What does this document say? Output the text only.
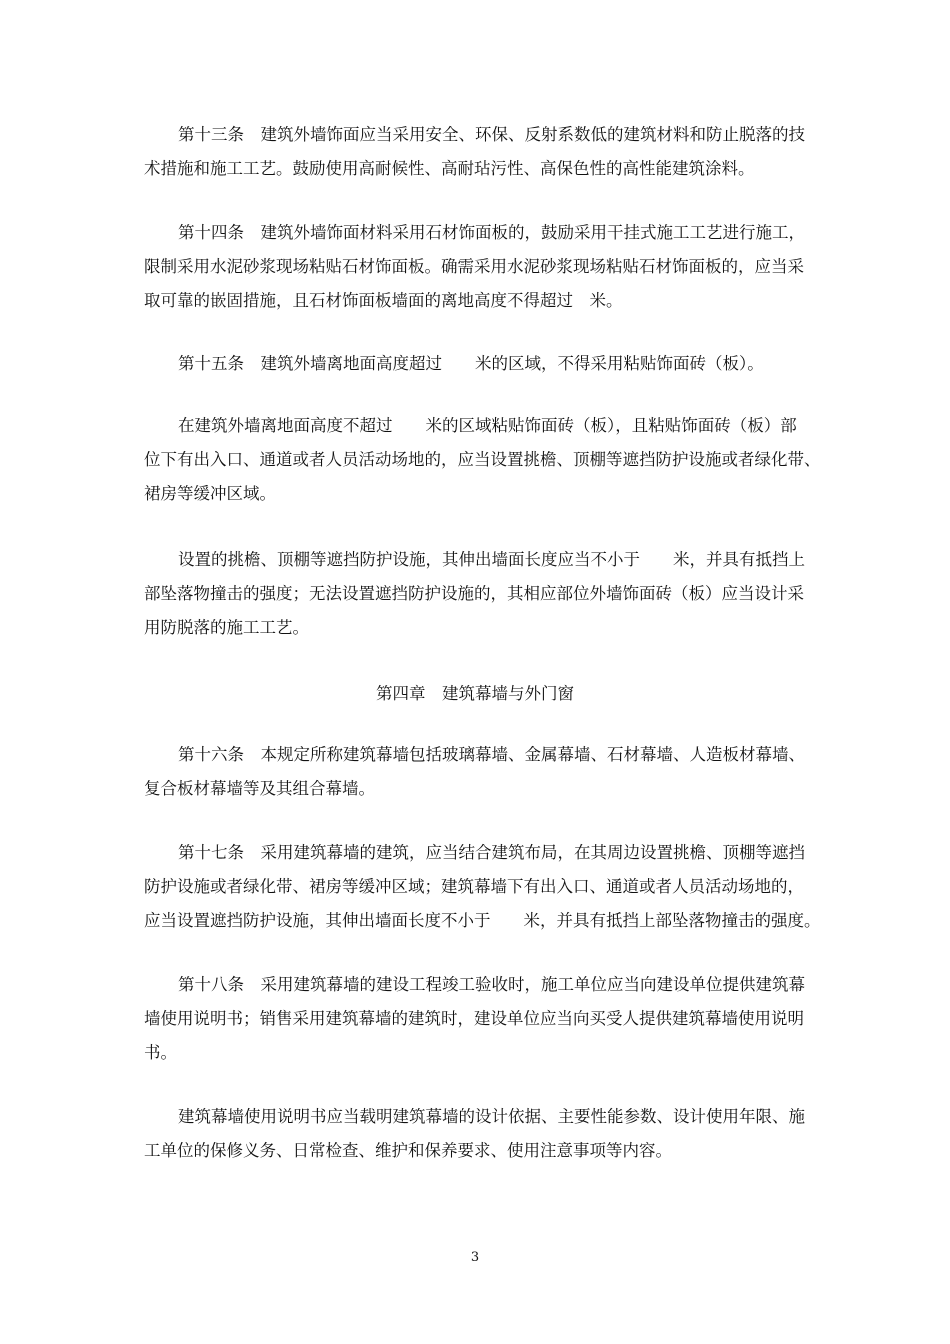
第十三条　建筑外墙饰面应当采用安全、环保、反射系数低的建筑材料和防止脱落的技
术措施和施工工艺。鼓励使用高耐候性、高耐玷污性、高保色性的高性能建筑涂料。

第十四条　建筑外墙饰面材料采用石材饰面板的，鼓励采用干挂式施工工艺进行施工，
限制采用水泥砂浆现场粘贴石材饰面板。确需采用水泥砂浆现场粘贴石材饰面板的，应当采
取可靠的嵌固措施，且石材饰面板墙面的离地高度不得超过　米。

第十五条　建筑外墙离地面高度超过　　米的区域，不得采用粘贴饰面砖（板）。

在建筑外墙离地面高度不超过　　米的区域粘贴饰面砖（板），且粘贴饰面砖（板）部
位下有出入口、通道或者人员活动场地的，应当设置挑檐、顶棚等遮挡防护设施或者绿化带、
裙房等缓冲区域。

设置的挑檐、顶棚等遮挡防护设施，其伸出墙面长度应当不小于　　米，并具有抵挡上
部坠落物撞击的强度；无法设置遮挡防护设施的，其相应部位外墙饰面砖（板）应当设计采
用防脱落的施工工艺。

第四章　建筑幕墙与外门窗

第十六条　本规定所称建筑幕墙包括玻璃幕墙、金属幕墙、石材幕墙、人造板材幕墙、
复合板材幕墙等及其组合幕墙。

第十七条　采用建筑幕墙的建筑，应当结合建筑布局，在其周边设置挑檐、顶棚等遮挡
防护设施或者绿化带、裙房等缓冲区域；建筑幕墙下有出入口、通道或者人员活动场地的，
应当设置遮挡防护设施，其伸出墙面长度不小于　　米，并具有抵挡上部坠落物撞击的强度。

第十八条　采用建筑幕墙的建设工程竣工验收时，施工单位应当向建设单位提供建筑幕
墙使用说明书；销售采用建筑幕墙的建筑时，建设单位应当向买受人提供建筑幕墙使用说明
书。

建筑幕墙使用说明书应当载明建筑幕墙的设计依据、主要性能参数、设计使用年限、施
工单位的保修义务、日常检查、维护和保养要求、使用注意事项等内容。

3
